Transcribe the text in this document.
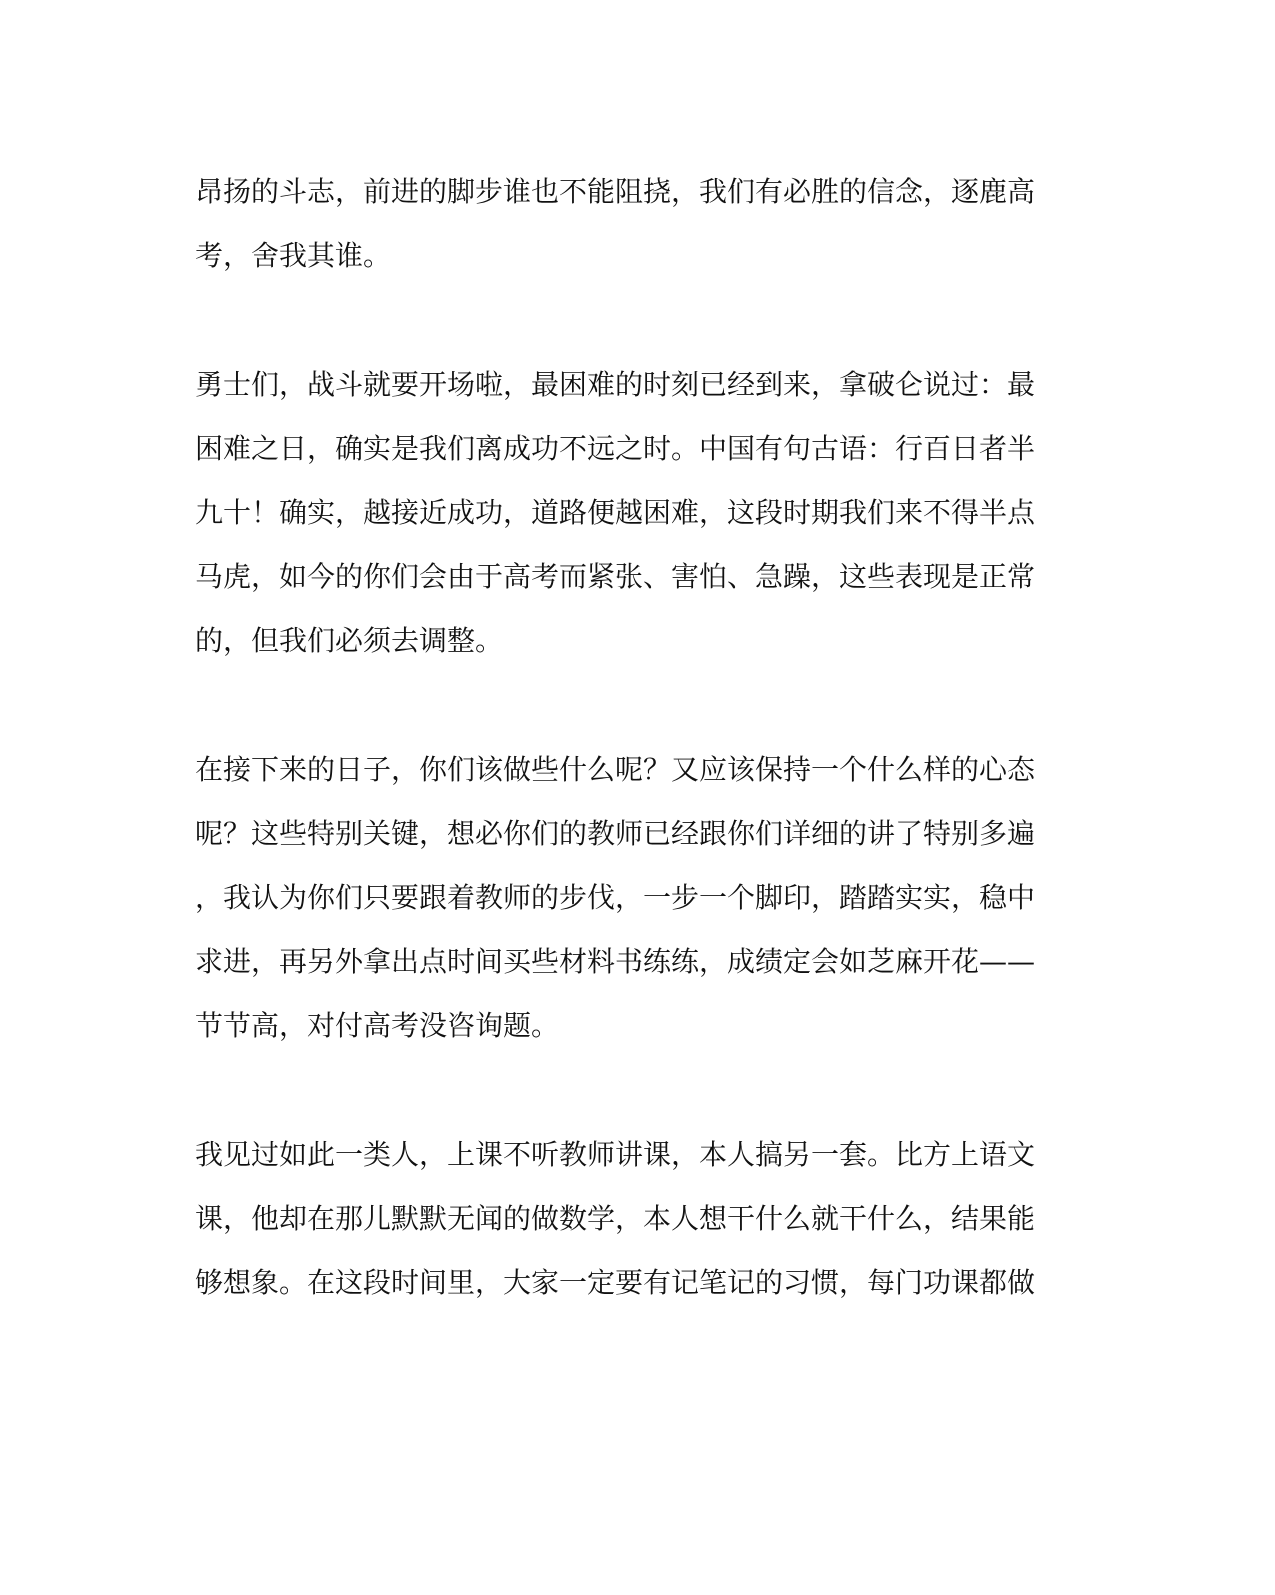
昂扬的斗志，前进的脚步谁也不能阻挠，我们有必胜的信念，逐鹿高
考，舍我其谁。
勇士们，战斗就要开场啦，最困难的时刻已经到来，拿破仑说过：最
困难之日，确实是我们离成功不远之时。中国有句古语：行百日者半
九十！确实，越接近成功，道路便越困难，这段时期我们来不得半点
马虎，如今的你们会由于高考而紧张、害怕、急躁，这些表现是正常
的，但我们必须去调整。
在接下来的日子，你们该做些什么呢？又应该保持一个什么样的心态
呢？这些特别关键，想必你们的教师已经跟你们详细的讲了特别多遍
，我认为你们只要跟着教师的步伐，一步一个脚印，踏踏实实，稳中
求进，再另外拿出点时间买些材料书练练，成绩定会如芝麻开花——
节节高，对付高考没咨询题。
我见过如此一类人，上课不听教师讲课，本人搞另一套。比方上语文
课，他却在那儿默默无闻的做数学，本人想干什么就干什么，结果能
够想象。在这段时间里，大家一定要有记笔记的习惯，每门功课都做
